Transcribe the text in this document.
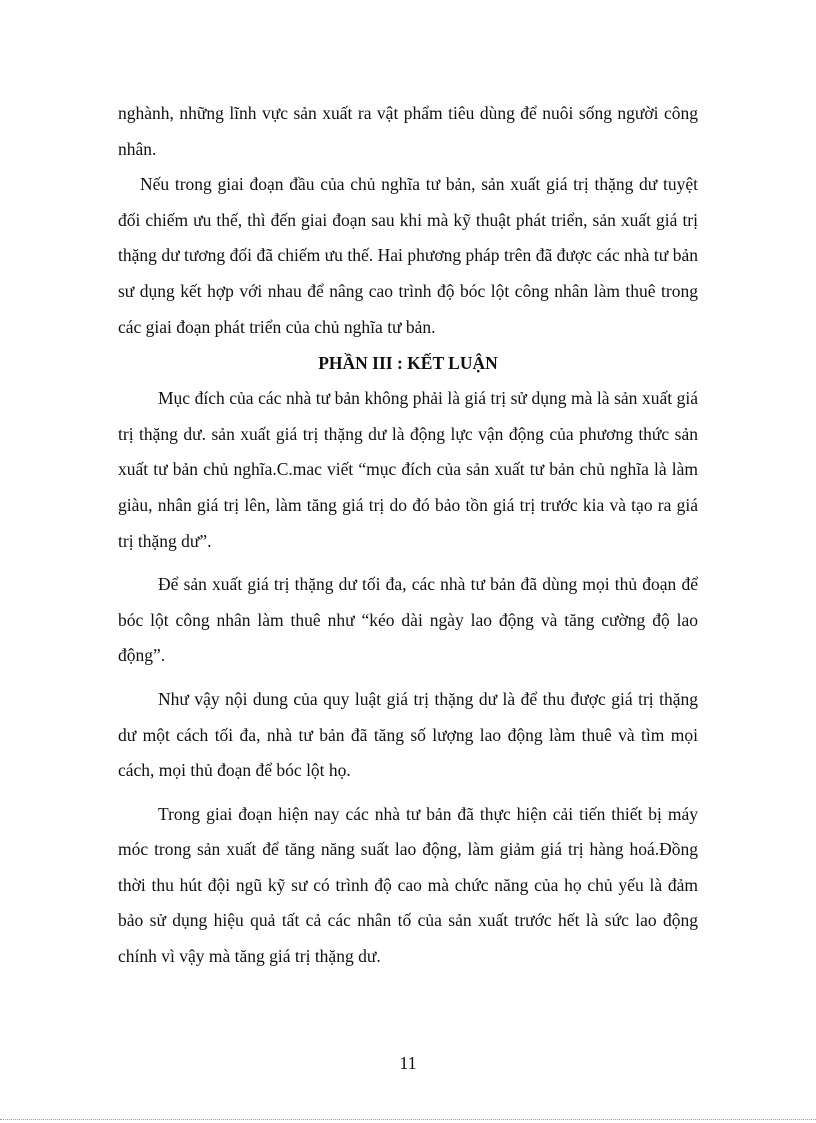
nghành, những lĩnh vực sản xuất ra vật phẩm tiêu dùng để nuôi sống người công nhân.

Nếu trong giai đoạn đầu của chủ nghĩa tư bản, sản xuất giá trị thặng dư tuyệt đối chiếm ưu thế, thì đến giai đoạn sau khi mà kỹ thuật phát triển, sản xuất giá trị thặng dư tương đối đã chiếm ưu thế. Hai phương pháp trên đã được các nhà tư bản sư dụng kết hợp với nhau để nâng cao trình độ bóc lột công nhân làm thuê trong các giai đoạn phát triển của chủ nghĩa tư bản.

PHẦN III : KẾT LUẬN

Mục đích của các nhà tư bản không phải là giá trị sử dụng mà là sản xuất giá trị thặng dư. sản xuất giá trị thặng dư là động lực vận động của phương thức sản xuất tư bản chủ nghĩa.C.mac viết “mục đích của sản xuất tư bản chủ nghĩa là làm giàu, nhân giá trị lên, làm tăng giá trị do đó bảo tồn giá trị trước kia và tạo ra giá trị thặng dư”.

Để sản xuất giá trị thặng dư tối đa, các nhà tư bản đã dùng mọi thủ đoạn để bóc lột công nhân làm thuê như “kéo dài ngày lao động và tăng cường độ lao động”.

Như vậy nội dung của quy luật giá trị thặng dư là để thu được giá trị thặng dư một cách tối đa, nhà tư bản đã tăng số lượng lao động làm thuê và tìm mọi cách, mọi thủ đoạn để bóc lột họ.

Trong giai đoạn hiện nay các nhà tư bản đã thực hiện cải tiến thiết bị máy móc trong sản xuất để tăng năng suất lao động, làm giảm giá trị hàng hoá.Đồng thời thu hút đội ngũ kỹ sư có trình độ cao mà chức năng của họ chủ yếu là đảm bảo sử dụng hiệu quả tất cả các nhân tố của sản xuất trước hết là sức lao động chính vì vậy mà tăng giá trị thặng dư.

11
